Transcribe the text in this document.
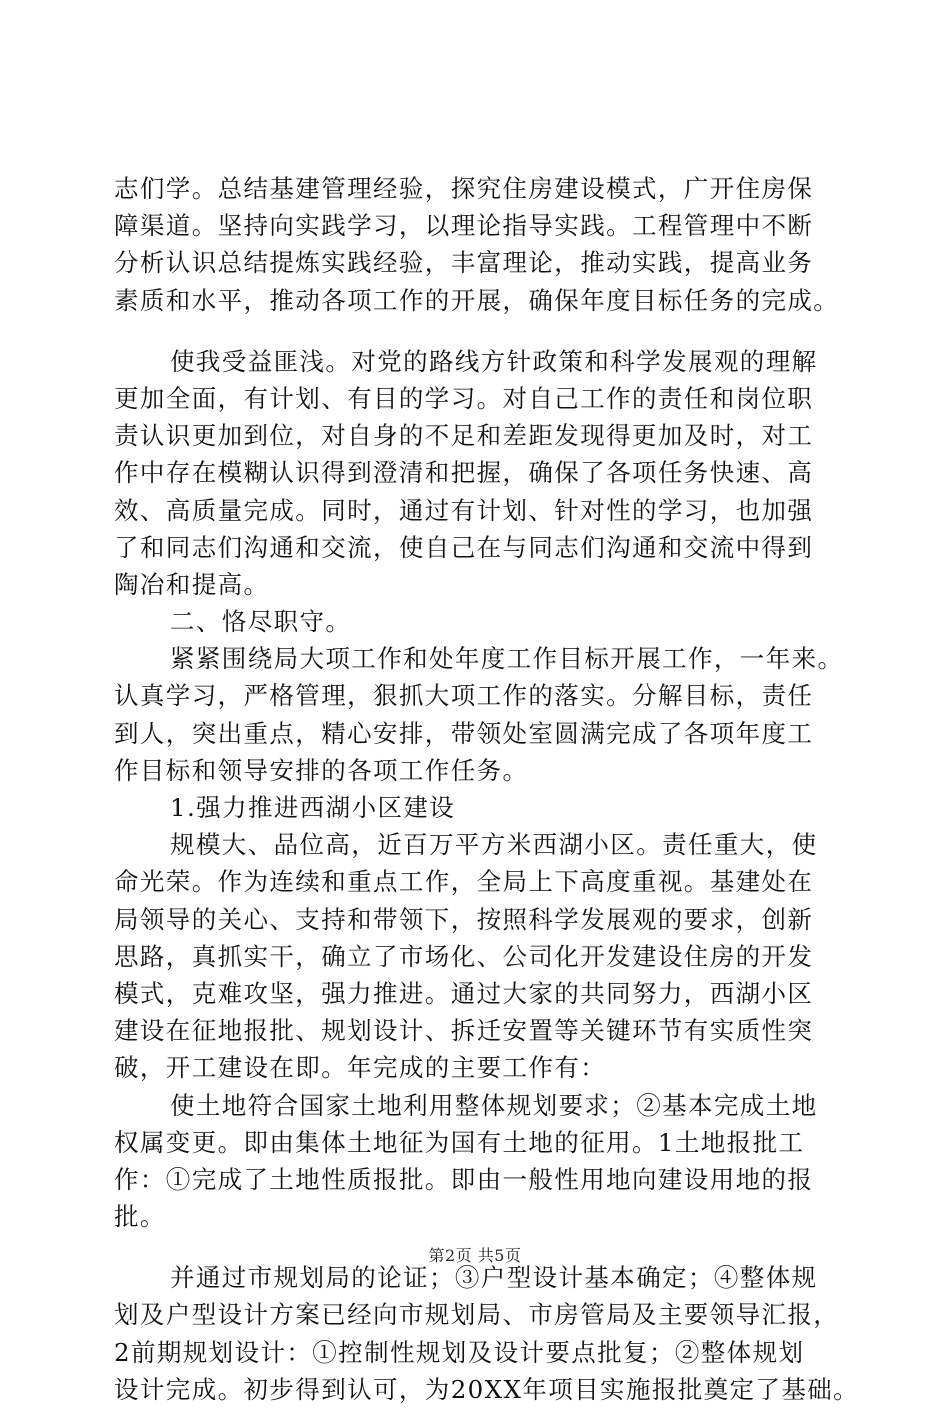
志们学。总结基建管理经验，探究住房建设模式，广开住房保
障渠道。坚持向实践学习，以理论指导实践。工程管理中不断
分析认识总结提炼实践经验，丰富理论，推动实践，提高业务
素质和水平，推动各项工作的开展，确保年度目标任务的完成。
使我受益匪浅。对党的路线方针政策和科学发展观的理解
更加全面，有计划、有目的学习。对自己工作的责任和岗位职
责认识更加到位，对自身的不足和差距发现得更加及时，对工
作中存在模糊认识得到澄清和把握，确保了各项任务快速、高
效、高质量完成。同时，通过有计划、针对性的学习，也加强
了和同志们沟通和交流，使自己在与同志们沟通和交流中得到
陶冶和提高。
二、恪尽职守。
紧紧围绕局大项工作和处年度工作目标开展工作，一年来。
认真学习，严格管理，狠抓大项工作的落实。分解目标，责任
到人，突出重点，精心安排，带领处室圆满完成了各项年度工
作目标和领导安排的各项工作任务。
1.强力推进西湖小区建设
规模大、品位高，近百万平方米西湖小区。责任重大，使
命光荣。作为连续和重点工作，全局上下高度重视。基建处在
局领导的关心、支持和带领下，按照科学发展观的要求，创新
思路，真抓实干，确立了市场化、公司化开发建设住房的开发
模式，克难攻坚，强力推进。通过大家的共同努力，西湖小区
建设在征地报批、规划设计、拆迁安置等关键环节有实质性突
破，开工建设在即。年完成的主要工作有：
使土地符合国家土地利用整体规划要求；②基本完成土地
权属变更。即由集体土地征为国有土地的征用。1土地报批工
作：①完成了土地性质报批。即由一般性用地向建设用地的报
批。
并通过市规划局的论证；③户型设计基本确定；④整体规
划及户型设计方案已经向市规划局、市房管局及主要领导汇报，
2前期规划设计：①控制性规划及设计要点批复；②整体规划
设计完成。初步得到认可，为20XX年项目实施报批奠定了基础。
第2页 共5页
